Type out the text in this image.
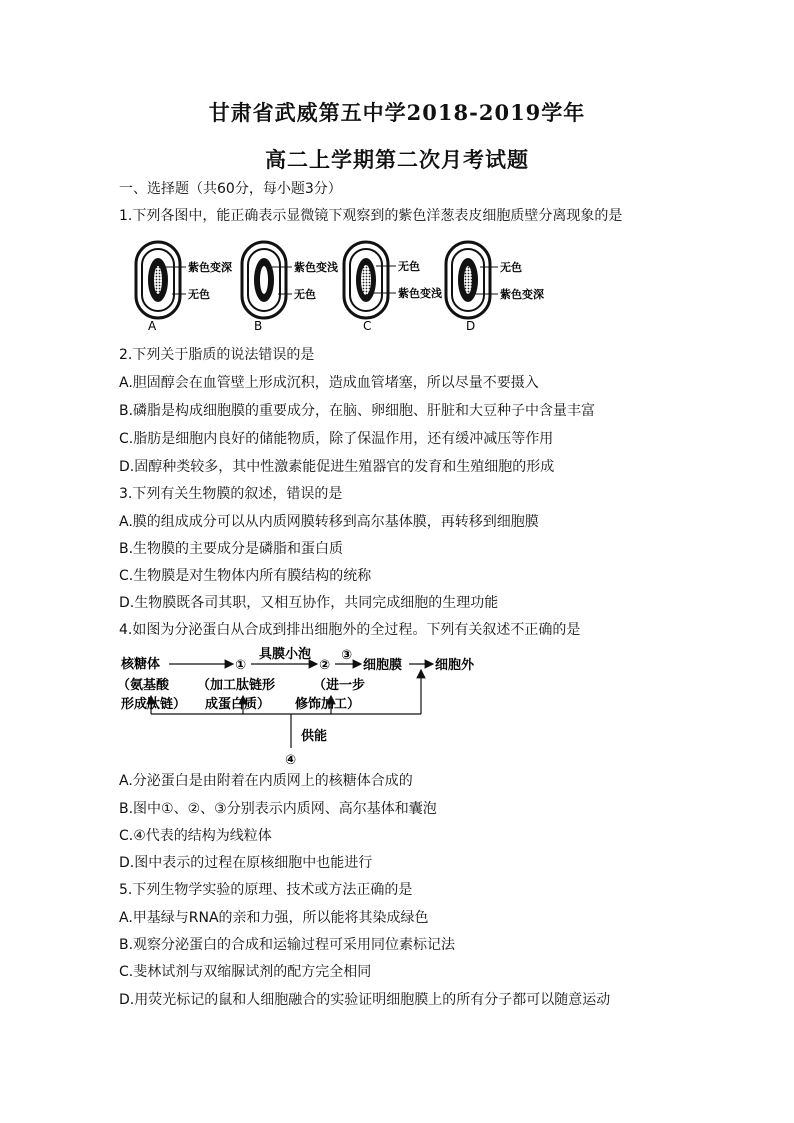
甘肃省武威第五中学2018-2019学年
高二上学期第二次月考试题
一、选择题（共60分，每小题3分）
1.下列各图中，能正确表示显微镜下观察到的紫色洋葱表皮细胞质壁分离现象的是
紫色变深
无色
A
紫色变浅
无色
B
无色
紫色变浅
C
无色
紫色变深
D
2.下列关于脂质的说法错误的是
A.胆固醇会在血管壁上形成沉积，造成血管堵塞，所以尽量不要摄入
B.磷脂是构成细胞膜的重要成分，在脑、卵细胞、肝脏和大豆种子中含量丰富
C.脂肪是细胞内良好的储能物质，除了保温作用，还有缓冲减压等作用
D.固醇种类较多，其中性激素能促进生殖器官的发育和生殖细胞的形成
3.下列有关生物膜的叙述，错误的是
A.膜的组成成分可以从内质网膜转移到高尔基体膜，再转移到细胞膜
B.生物膜的主要成分是磷脂和蛋白质
C.生物膜是对生物体内所有膜结构的统称
D.生物膜既各司其职，又相互协作，共同完成细胞的生理功能
4.如图为分泌蛋白从合成到排出细胞外的全过程。下列有关叙述不正确的是
核糖体	①
具膜小泡
②
③
细胞膜	细胞外
（氨基酸
形成肽链）
（加工肽链形
成蛋白质）
（进一步
修饰加工）
供能
④
A.分泌蛋白是由附着在内质网上的核糖体合成的
B.图中①、②、③分别表示内质网、高尔基体和囊泡
C.④代表的结构为线粒体
D.图中表示的过程在原核细胞中也能进行
5.下列生物学实验的原理、技术或方法正确的是
A.甲基绿与RNA的亲和力强，所以能将其染成绿色
B.观察分泌蛋白的合成和运输过程可采用同位素标记法
C.斐林试剂与双缩脲试剂的配方完全相同
D.用荧光标记的鼠和人细胞融合的实验证明细胞膜上的所有分子都可以随意运动
